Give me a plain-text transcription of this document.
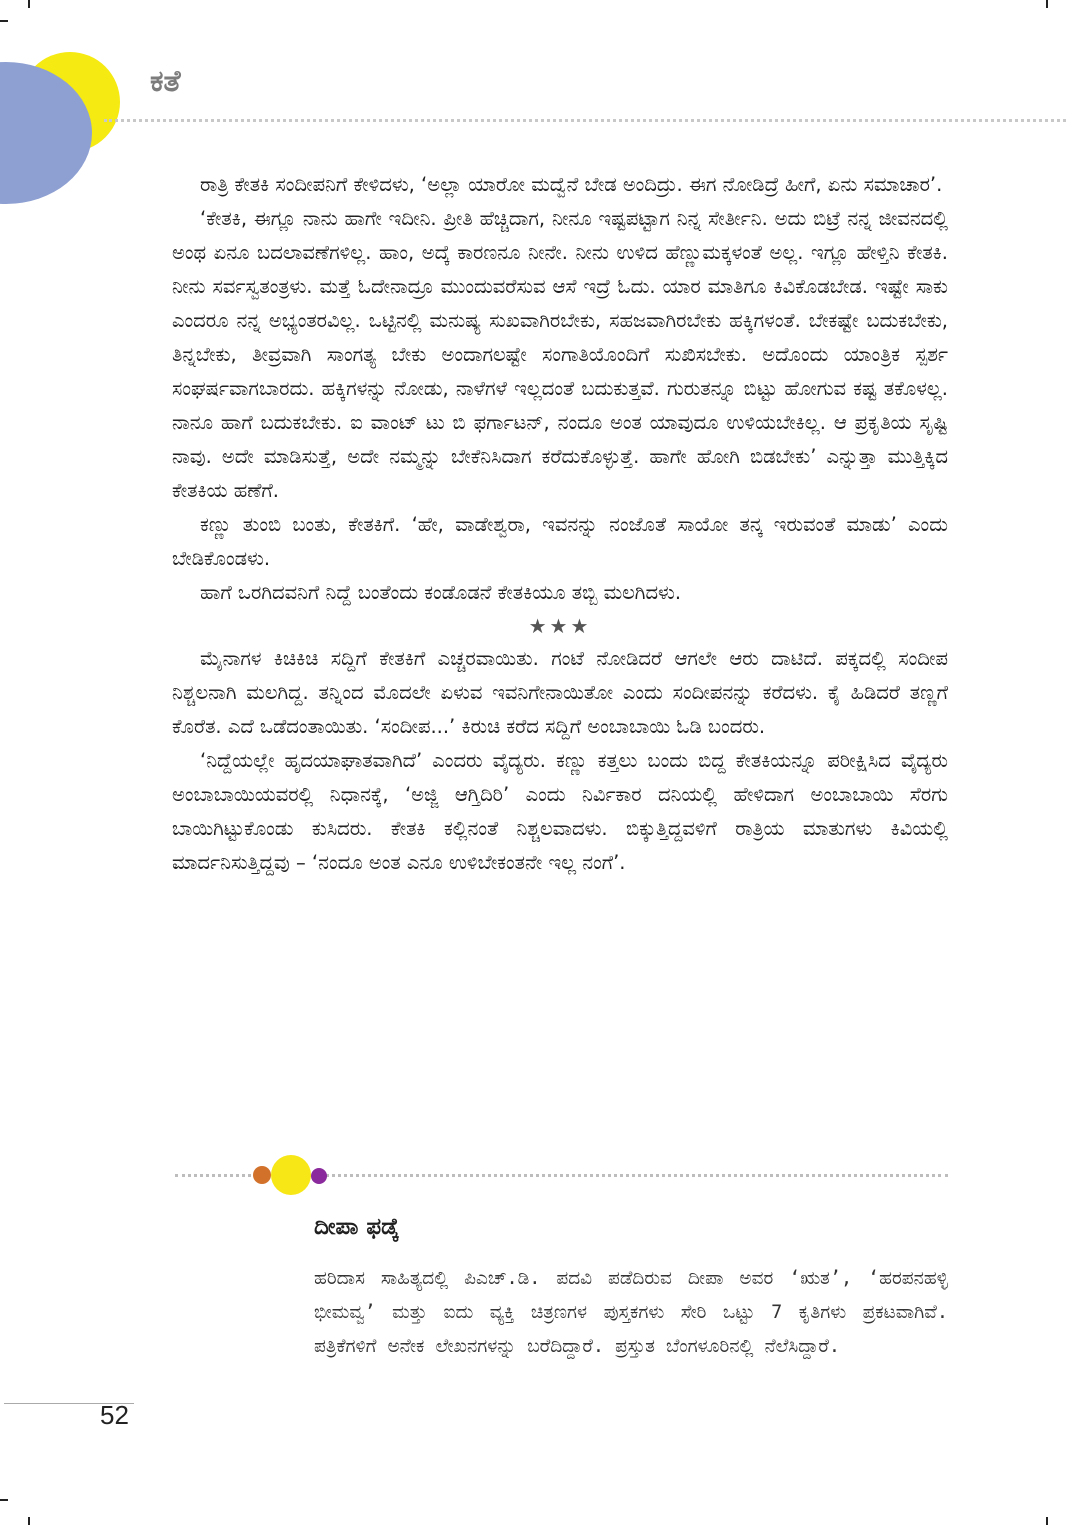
ಕತೆ

ರಾತ್ರಿ ಕೇತಕಿ ಸಂದೀಪನಿಗೆ ಕೇಳಿದಳು, ‘ಅಲ್ಲಾ ಯಾರೋ ಮದ್ವೆನೆ ಬೇಡ ಅಂದಿದ್ರು. ಈಗ ನೋಡಿದ್ರೆ ಹೀಗೆ, ಏನು ಸಮಾಚಾರ’.

‘ಕೇತಕಿ, ಈಗ್ಲೂ ನಾನು ಹಾಗೇ ಇದೀನಿ. ಪ್ರೀತಿ ಹೆಚ್ಚಿದಾಗ, ನೀನೂ ಇಷ್ಟಪಟ್ಟಾಗ ನಿನ್ನ ಸೇರ್ತೀನಿ. ಅದು ಬಿಟ್ರೆ ನನ್ನ ಜೀವನದಲ್ಲಿ ಅಂಥ ಏನೂ ಬದಲಾವಣೆಗಳಿಲ್ಲ. ಹಾಂ, ಅದ್ಕೆ ಕಾರಣನೂ ನೀನೇ. ನೀನು ಉಳಿದ ಹೆಣ್ಣುಮಕ್ಕಳಂತೆ ಅಲ್ಲ. ಇಗ್ಲೂ ಹೇಳ್ತಿನಿ ಕೇತಕಿ. ನೀನು ಸರ್ವಸ್ವತಂತ್ರಳು. ಮತ್ತೆ ಓದೇನಾದ್ರೂ ಮುಂದುವರೆಸುವ ಆಸೆ ಇದ್ರೆ ಓದು. ಯಾರ ಮಾತಿಗೂ ಕಿವಿಕೊಡಬೇಡ. ಇಷ್ಟೇ ಸಾಕು ಎಂದರೂ ನನ್ನ ಅಭ್ಯಂತರವಿಲ್ಲ. ಒಟ್ಟಿನಲ್ಲಿ ಮನುಷ್ಯ ಸುಖವಾಗಿರಬೇಕು, ಸಹಜವಾಗಿರಬೇಕು ಹಕ್ಕಿಗಳಂತೆ. ಬೇಕಷ್ಟೇ ಬದುಕಬೇಕು, ತಿನ್ನಬೇಕು, ತೀವ್ರವಾಗಿ ಸಾಂಗತ್ಯ ಬೇಕು ಅಂದಾಗಲಷ್ಟೇ ಸಂಗಾತಿಯೊಂದಿಗೆ ಸುಖಿಸಬೇಕು. ಅದೊಂದು ಯಾಂತ್ರಿಕ ಸ್ಪರ್ಶ ಸಂಘರ್ಷವಾಗಬಾರದು. ಹಕ್ಕಿಗಳನ್ನು ನೋಡು, ನಾಳೆಗಳೆ ಇಲ್ಲದಂತೆ ಬದುಕುತ್ತವೆ. ಗುರುತನ್ನೂ ಬಿಟ್ಟು ಹೋಗುವ ಕಷ್ಟ ತಕೊಳಲ್ಲ. ನಾನೂ ಹಾಗೆ ಬದುಕಬೇಕು. ಐ ವಾಂಟ್ ಟು ಬಿ ಫರ್ಗಾಟನ್, ನಂದೂ ಅಂತ ಯಾವುದೂ ಉಳಿಯಬೇಕಿಲ್ಲ. ಆ ಪ್ರಕೃತಿಯ ಸೃಷ್ಟಿ ನಾವು. ಅದೇ ಮಾಡಿಸುತ್ತೆ, ಅದೇ ನಮ್ಮನ್ನು ಬೇಕೆನಿಸಿದಾಗ ಕರೆದುಕೊಳ್ಳುತ್ತೆ. ಹಾಗೇ ಹೋಗಿ ಬಿಡಬೇಕು’ ಎನ್ನುತ್ತಾ ಮುತ್ತಿಕ್ಕಿದ ಕೇತಕಿಯ ಹಣೆಗೆ.

ಕಣ್ಣು ತುಂಬಿ ಬಂತು, ಕೇತಕಿಗೆ. ‘ಹೇ, ವಾಡೇಶ್ವರಾ, ಇವನನ್ನು ನಂಜೊತೆ ಸಾಯೋ ತನ್ಕ ಇರುವಂತೆ ಮಾಡು’ ಎಂದು ಬೇಡಿಕೊಂಡಳು.

ಹಾಗೆ ಒರಗಿದವನಿಗೆ ನಿದ್ದೆ ಬಂತೆಂದು ಕಂಡೊಡನೆ ಕೇತಕಿಯೂ ತಬ್ಬಿ ಮಲಗಿದಳು.

★★★

ಮೈನಾಗಳ ಕಿಚಿಕಿಚಿ ಸದ್ದಿಗೆ ಕೇತಕಿಗೆ ಎಚ್ಚರವಾಯಿತು. ಗಂಟೆ ನೋಡಿದರೆ ಆಗಲೇ ಆರು ದಾಟಿದೆ. ಪಕ್ಕದಲ್ಲಿ ಸಂದೀಪ ನಿಶ್ಚಲನಾಗಿ ಮಲಗಿದ್ದ. ತನ್ನಿಂದ ಮೊದಲೇ ಏಳುವ ಇವನಿಗೇನಾಯಿತೋ ಎಂದು ಸಂದೀಪನನ್ನು ಕರೆದಳು. ಕೈ ಹಿಡಿದರೆ ತಣ್ಣಗೆ ಕೊರೆತ. ಎದೆ ಒಡೆದಂತಾಯಿತು. ‘ಸಂದೀಪ...’ ಕಿರುಚಿ ಕರೆದ ಸದ್ದಿಗೆ ಅಂಬಾಬಾಯಿ ಓಡಿ ಬಂದರು.

‘ನಿದ್ದೆಯಲ್ಲೇ ಹೃದಯಾಘಾತವಾಗಿದೆ’ ಎಂದರು ವೈದ್ಯರು. ಕಣ್ಣು ಕತ್ತಲು ಬಂದು ಬಿದ್ದ ಕೇತಕಿಯನ್ನೂ ಪರೀಕ್ಷಿಸಿದ ವೈದ್ಯರು ಅಂಬಾಬಾಯಿಯವರಲ್ಲಿ ನಿಧಾನಕ್ಕೆ, ‘ಅಜ್ಜಿ ಆಗ್ತಿದಿರಿ’ ಎಂದು ನಿರ್ವಿಕಾರ ದನಿಯಲ್ಲಿ ಹೇಳಿದಾಗ ಅಂಬಾಬಾಯಿ ಸೆರಗು ಬಾಯಿಗಿಟ್ಟುಕೊಂಡು ಕುಸಿದರು. ಕೇತಕಿ ಕಲ್ಲಿನಂತೆ ನಿಶ್ಚಲವಾದಳು. ಬಿಕ್ಕುತ್ತಿದ್ದವಳಿಗೆ ರಾತ್ರಿಯ ಮಾತುಗಳು ಕಿವಿಯಲ್ಲಿ ಮಾರ್ದನಿಸುತ್ತಿದ್ದವು – ‘ನಂದೂ ಅಂತ ಎನೂ ಉಳಿಬೇಕಂತನೇ ಇಲ್ಲ ನಂಗೆ’.

ದೀಪಾ ಫಡ್ಕೆ
ಹರಿದಾಸ ಸಾಹಿತ್ಯದಲ್ಲಿ ಪಿಎಚ್.ಡಿ. ಪದವಿ ಪಡೆದಿರುವ ದೀಪಾ ಅವರ ‘ಋತ’, ‘ಹರಪನಹಳ್ಳಿ ಭೀಮವ್ವ’ ಮತ್ತು ಐದು ವ್ಯಕ್ತಿ ಚಿತ್ರಣಗಳ ಪುಸ್ತಕಗಳು ಸೇರಿ ಒಟ್ಟು 7 ಕೃತಿಗಳು ಪ್ರಕಟವಾಗಿವೆ. ಪತ್ರಿಕೆಗಳಿಗೆ ಅನೇಕ ಲೇಖನಗಳನ್ನು ಬರೆದಿದ್ದಾರೆ. ಪ್ರಸ್ತುತ ಬೆಂಗಳೂರಿನಲ್ಲಿ ನೆಲೆಸಿದ್ದಾರೆ.
52
